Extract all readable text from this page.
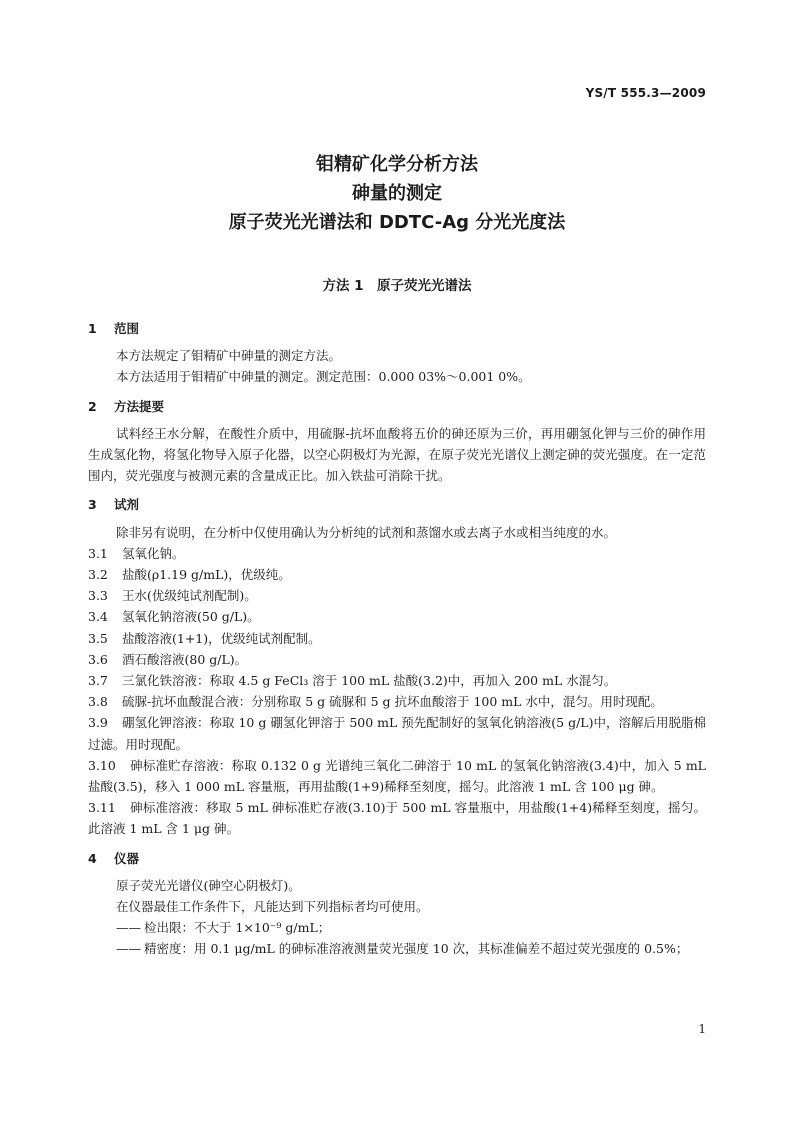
YS/T 555.3—2009
钼精矿化学分析方法
砷量的测定
原子荧光光谱法和 DDTC-Ag 分光光度法
方法 1　原子荧光光谱法
1 范围

本方法规定了钼精矿中砷量的测定方法。

本方法适用于钼精矿中砷量的测定。测定范围：0.000 03%～0.001 0%。

2 方法提要

试料经王水分解，在酸性介质中，用硫脲-抗坏血酸将五价的砷还原为三价，再用硼氢化钾与三价的砷作用生成氢化物，将氢化物导入原子化器，以空心阴极灯为光源，在原子荧光光谱仪上测定砷的荧光强度。在一定范围内，荧光强度与被测元素的含量成正比。加入铁盐可消除干扰。

3 试剂

除非另有说明，在分析中仅使用确认为分析纯的试剂和蒸馏水或去离子水或相当纯度的水。

3.1 氢氧化钠。

3.2 盐酸(ρ1.19 g/mL)，优级纯。

3.3 王水(优级纯试剂配制)。

3.4 氢氧化钠溶液(50 g/L)。

3.5 盐酸溶液(1+1)，优级纯试剂配制。

3.6 酒石酸溶液(80 g/L)。

3.7 三氯化铁溶液：称取 4.5 g FeCl₃ 溶于 100 mL 盐酸(3.2)中，再加入 200 mL 水混匀。

3.8 硫脲-抗坏血酸混合液：分别称取 5 g 硫脲和 5 g 抗坏血酸溶于 100 mL 水中，混匀。用时现配。

3.9 硼氢化钾溶液：称取 10 g 硼氢化钾溶于 500 mL 预先配制好的氢氧化钠溶液(5 g/L)中，溶解后用脱脂棉过滤。用时现配。

3.10 砷标准贮存溶液：称取 0.132 0 g 光谱纯三氧化二砷溶于 10 mL 的氢氧化钠溶液(3.4)中，加入 5 mL 盐酸(3.5)，移入 1 000 mL 容量瓶，再用盐酸(1+9)稀释至刻度，摇匀。此溶液 1 mL 含 100 μg 砷。

3.11 砷标准溶液：移取 5 mL 砷标准贮存液(3.10)于 500 mL 容量瓶中，用盐酸(1+4)稀释至刻度，摇匀。此溶液 1 mL 含 1 μg 砷。

4 仪器

原子荧光光谱仪(砷空心阴极灯)。

在仪器最佳工作条件下，凡能达到下列指标者均可使用。

—— 检出限：不大于 1×10⁻⁹ g/mL；

—— 精密度：用 0.1 μg/mL 的砷标准溶液测量荧光强度 10 次，其标准偏差不超过荧光强度的 0.5%；

1
